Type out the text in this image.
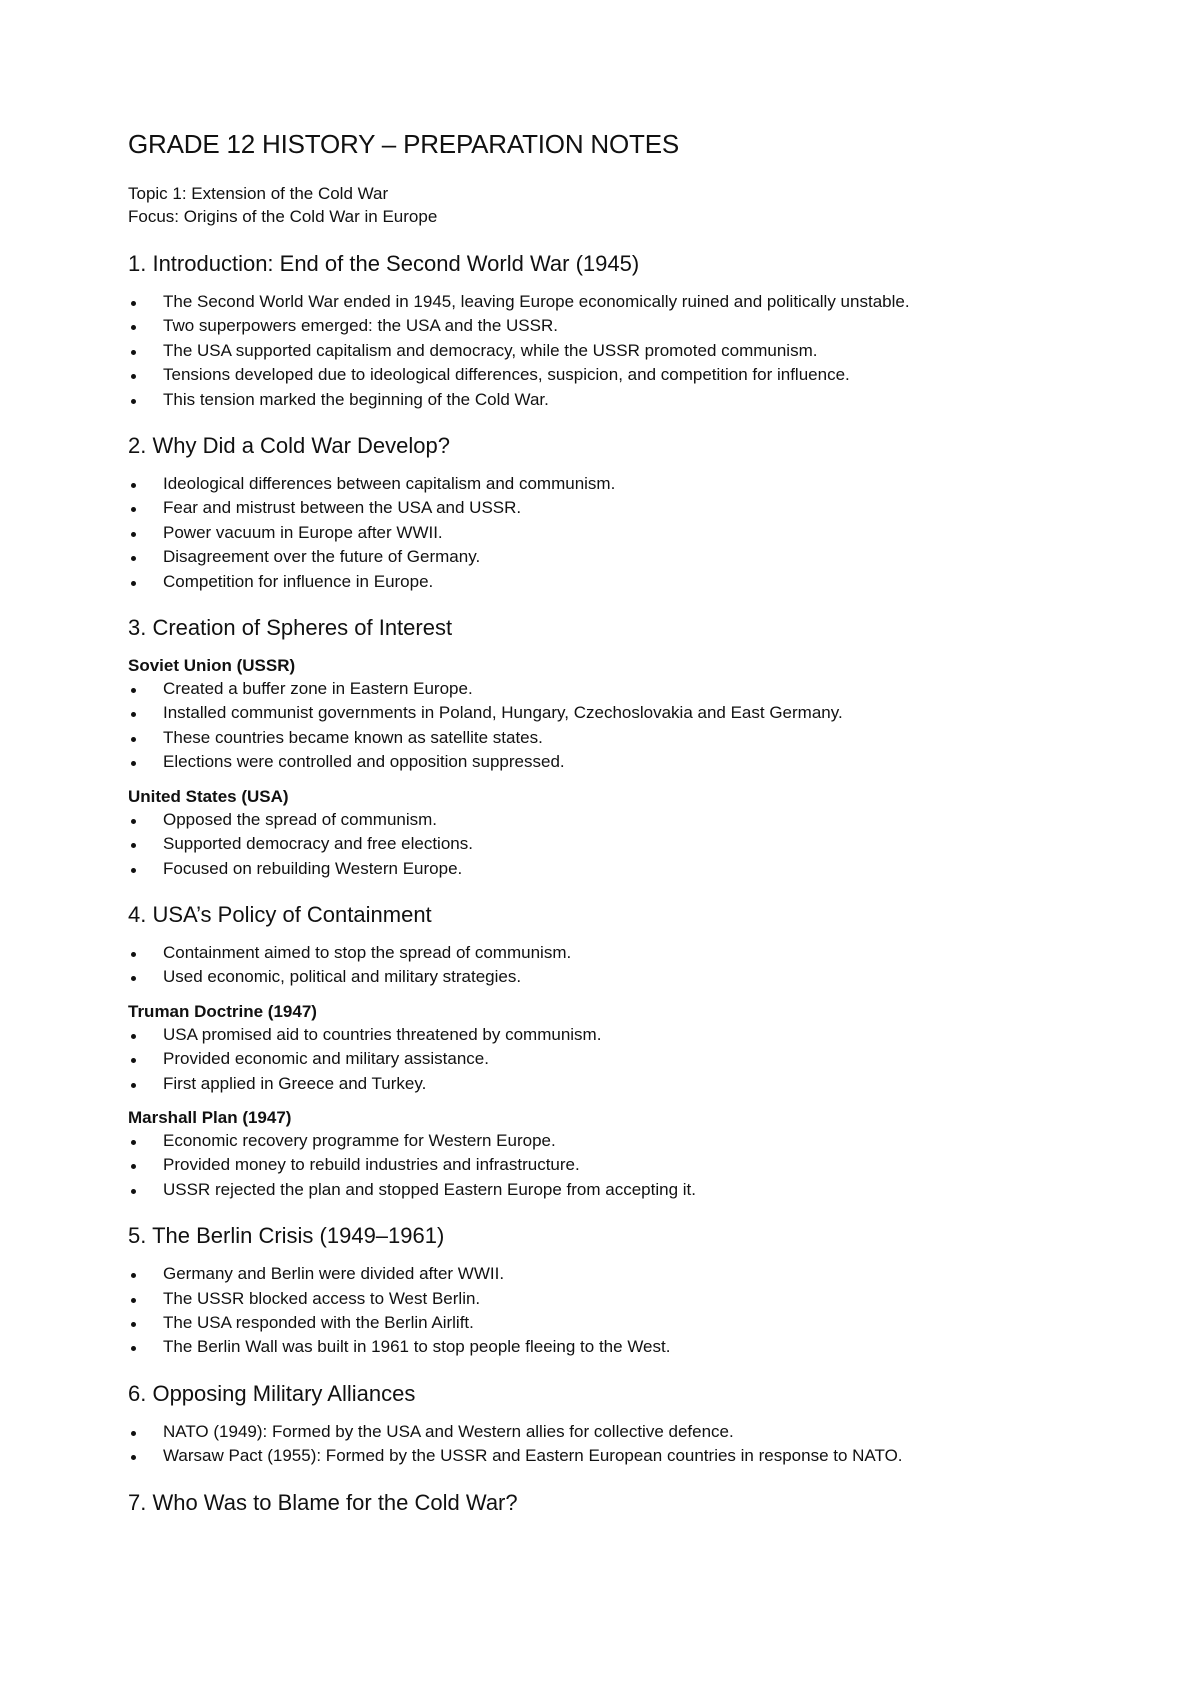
GRADE 12 HISTORY – PREPARATION NOTES

Topic 1: Extension of the Cold War

Focus: Origins of the Cold War in Europe

1. Introduction: End of the Second World War (1945)
The Second World War ended in 1945, leaving Europe economically ruined and politically unstable.
Two superpowers emerged: the USA and the USSR.
The USA supported capitalism and democracy, while the USSR promoted communism.
Tensions developed due to ideological differences, suspicion, and competition for influence.
This tension marked the beginning of the Cold War.
2. Why Did a Cold War Develop?
Ideological differences between capitalism and communism.
Fear and mistrust between the USA and USSR.
Power vacuum in Europe after WWII.
Disagreement over the future of Germany.
Competition for influence in Europe.
3. Creation of Spheres of Interest
Soviet Union (USSR)
Created a buffer zone in Eastern Europe.
Installed communist governments in Poland, Hungary, Czechoslovakia and East Germany.
These countries became known as satellite states.
Elections were controlled and opposition suppressed.
United States (USA)
Opposed the spread of communism.
Supported democracy and free elections.
Focused on rebuilding Western Europe.
4. USA’s Policy of Containment
Containment aimed to stop the spread of communism.
Used economic, political and military strategies.
Truman Doctrine (1947)
USA promised aid to countries threatened by communism.
Provided economic and military assistance.
First applied in Greece and Turkey.
Marshall Plan (1947)
Economic recovery programme for Western Europe.
Provided money to rebuild industries and infrastructure.
USSR rejected the plan and stopped Eastern Europe from accepting it.
5. The Berlin Crisis (1949–1961)
Germany and Berlin were divided after WWII.
The USSR blocked access to West Berlin.
The USA responded with the Berlin Airlift.
The Berlin Wall was built in 1961 to stop people fleeing to the West.
6. Opposing Military Alliances
NATO (1949): Formed by the USA and Western allies for collective defence.
Warsaw Pact (1955): Formed by the USSR and Eastern European countries in response to NATO.
7. Who Was to Blame for the Cold War?
